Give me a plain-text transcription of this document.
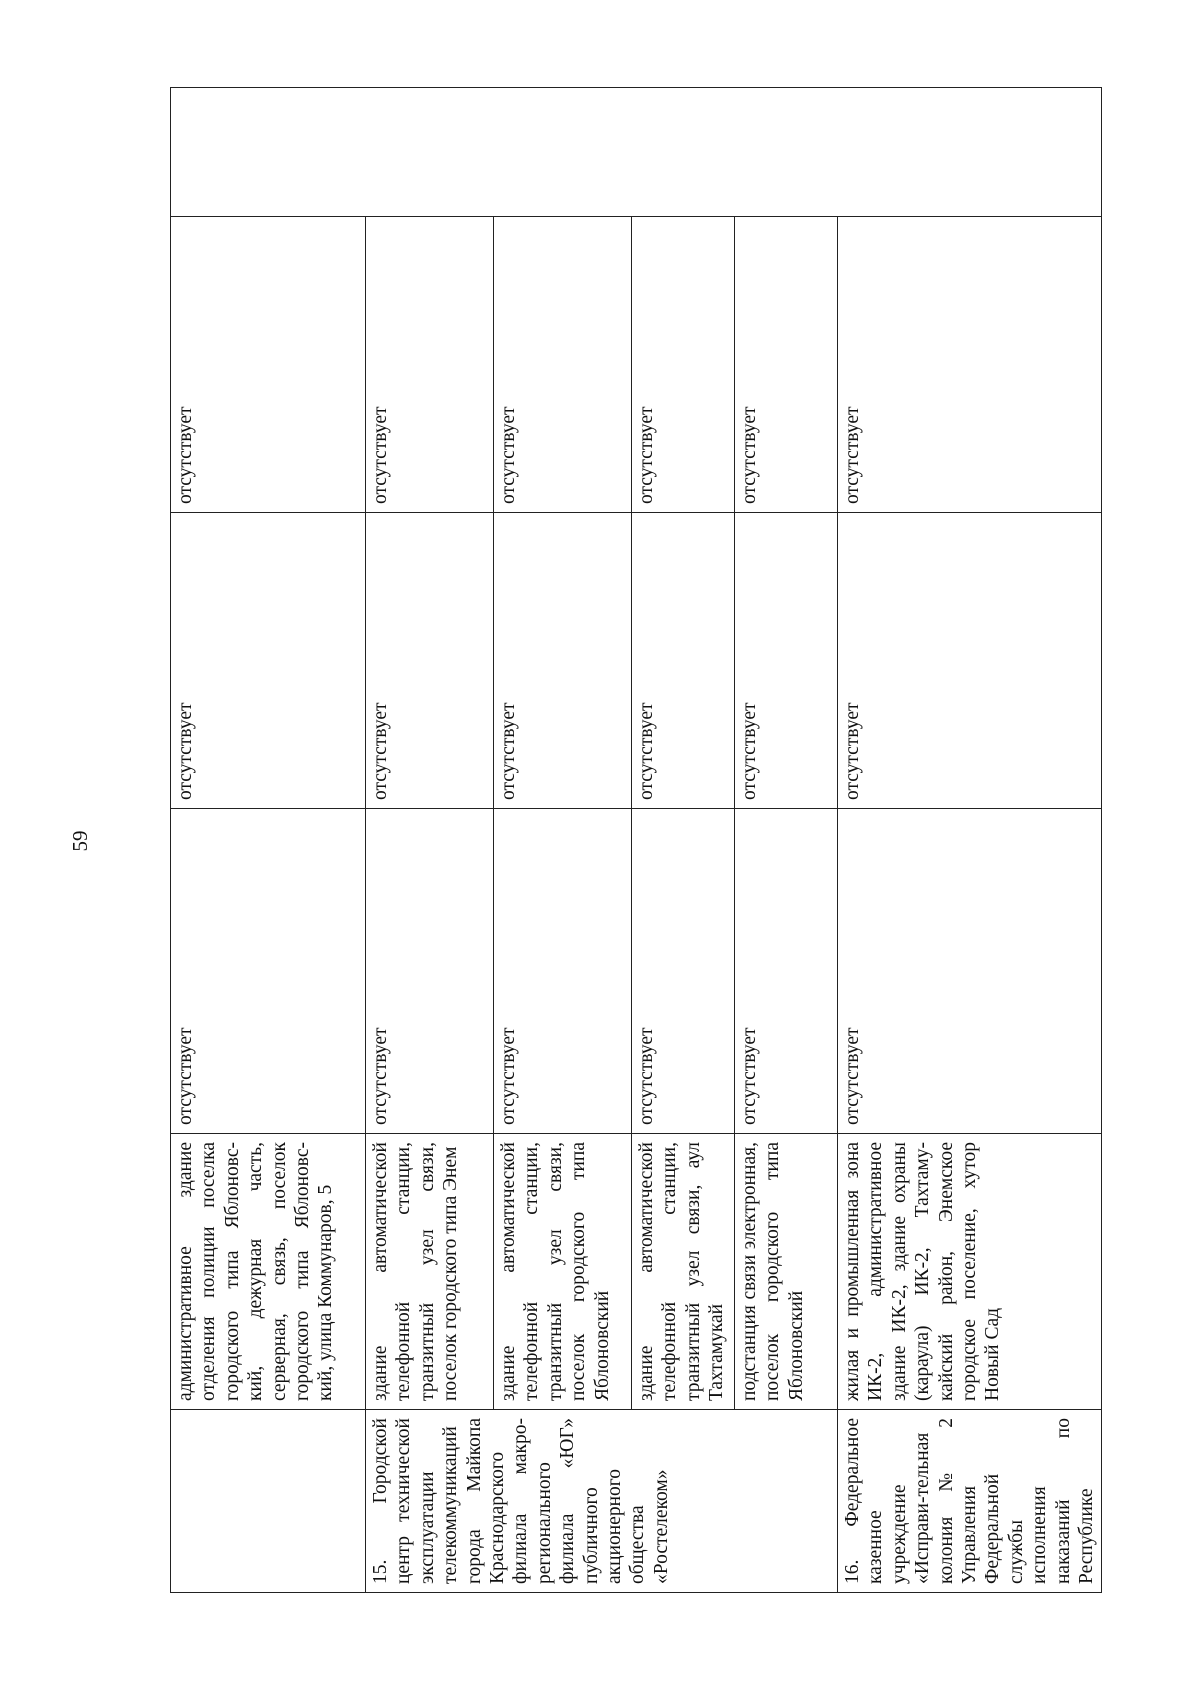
59
	административное здание отделения полиции поселка городского типа Яблоновс-кий, дежурная часть, серверная, связь, поселок городского типа Яблоновс-кий, улица Коммунаров, 5	отсутствует	отсутствует	отсутствует	
15. Городской центр технической эксплуатации телекоммуникаций города Майкопа Краснодарского филиала макро-регионального филиала «ЮГ» публичного акционерного общества «Ростелеком»	здание автоматической телефонной станции, транзитный узел связи, поселок городского типа Энем	отсутствует	отсутствует	отсутствует	
	здание автоматической телефонной станции, транзитный узел связи, поселок городского типа Яблоновский	отсутствует	отсутствует	отсутствует	
	здание автоматической телефонной станции, транзитный узел связи, аул Тахтамукай	отсутствует	отсутствует	отсутствует	
	подстанция связи электронная, поселок городского типа Яблоновский	отсутствует	отсутствует	отсутствует	
16. Федеральное казенное учреждение «Исправи-тельная колония № 2 Управления Федеральной службы исполнения наказаний по Республике	жилая и промышленная зона ИК-2, административное здание ИК-2, здание охраны (караула) ИК-2, Тахтаму-кайский район, Энемское городское поселение, хутор Новый Сад	отсутствует	отсутствует	отсутствует	
